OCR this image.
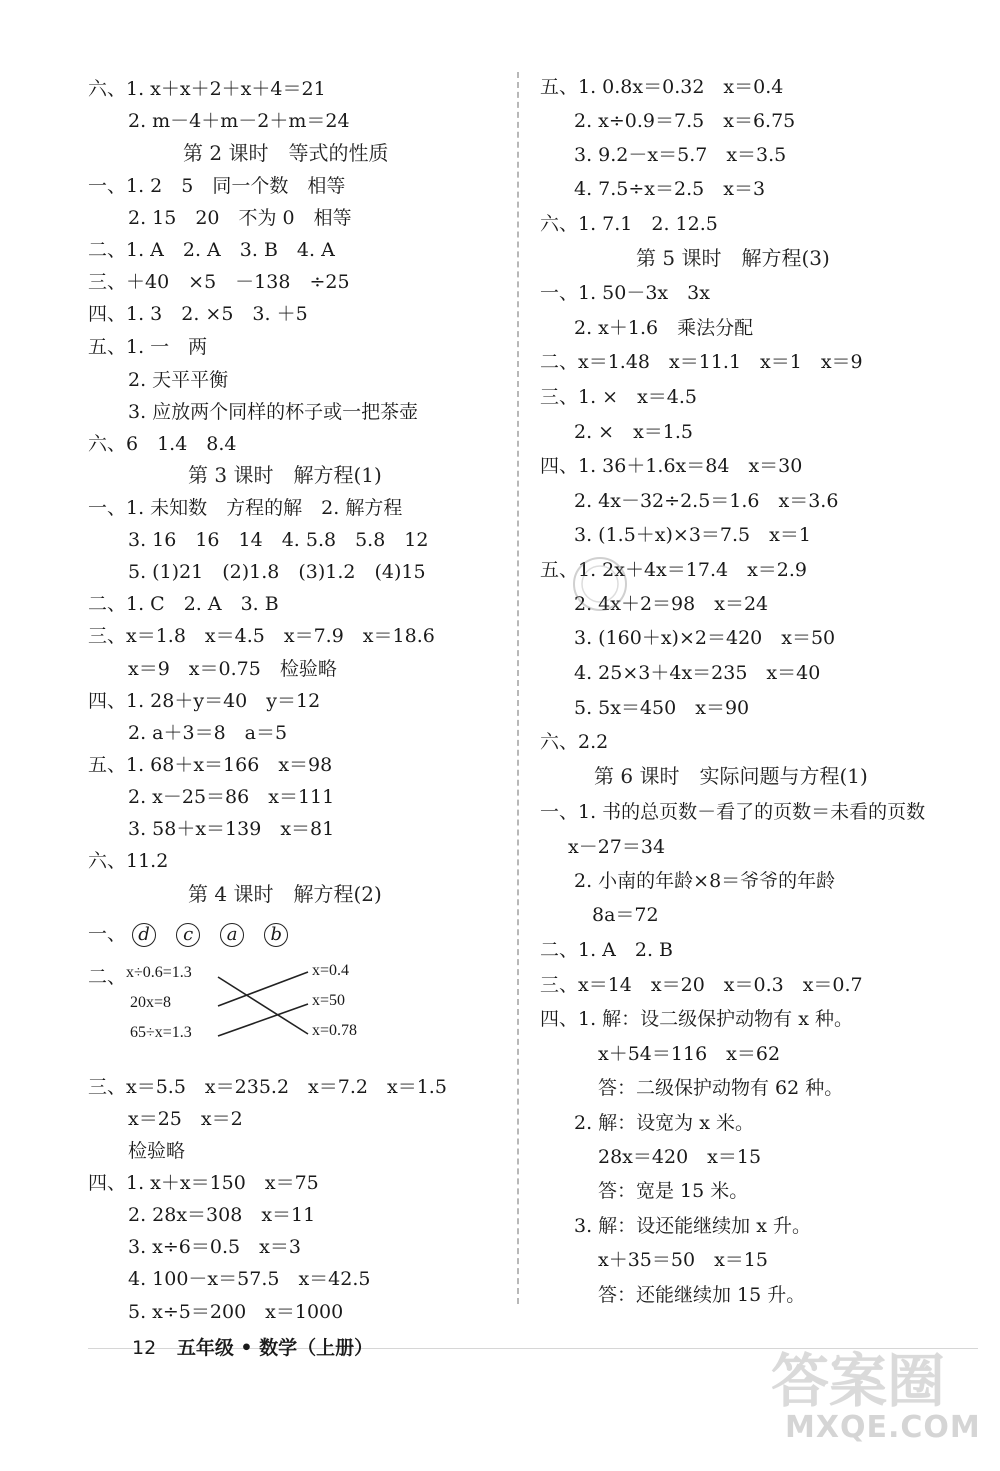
六、1. x＋x＋2＋x＋4＝21
2. m－4＋m－2＋m＝24
第 2 课时　等式的性质
一、1. 2　5　同一个数　相等
2. 15　20　不为 0　相等
二、1. A　2. A　3. B　4. A
三、＋40　×5　－138　÷25
四、1. 3　2. ×5　3. ＋5
五、1. 一　两
2. 天平平衡
3. 应放两个同样的杯子或一把茶壶
六、6　1.4　8.4
第 3 课时　解方程(1)
一、1. 未知数　方程的解　2. 解方程
3. 16　16　14　4. 5.8　5.8　12
5. (1)21　(2)1.8　(3)1.2　(4)15
二、1. C　2. A　3. B
三、x＝1.8　x＝4.5　x＝7.9　x＝18.6
x＝9　x＝0.75　检验略
四、1. 28＋y＝40　y＝12
2. a＋3＝8　a＝5
五、1. 68＋x＝166　x＝98
2. x－25＝86　x＝111
3. 58＋x＝139　x＝81
六、11.2
第 4 课时　解方程(2)
一、 d c a b
二、 x÷0.6=1.3
20x=8
65÷x=1.3
x=0.4
x=50
x=0.78
三、x＝5.5　x＝235.2　x＝7.2　x＝1.5
x＝25　x＝2
检验略
四、1. x＋x＝150　x＝75
2. 28x＝308　x＝11
3. x÷6＝0.5　x＝3
4. 100－x＝57.5　x＝42.5
5. x÷5＝200　x＝1000
五、1. 0.8x＝0.32　x＝0.4
2. x÷0.9＝7.5　x＝6.75
3. 9.2－x＝5.7　x＝3.5
4. 7.5÷x＝2.5　x＝3
六、1. 7.1　2. 12.5
第 5 课时　解方程(3)
一、1. 50－3x　3x
2. x＋1.6　乘法分配
二、x＝1.48　x＝11.1　x＝1　x＝9
三、1. ×　x＝4.5
2. ×　x＝1.5
四、1. 36＋1.6x＝84　x＝30
2. 4x－32÷2.5＝1.6　x＝3.6
3. (1.5＋x)×3＝7.5　x＝1
五、1. 2x＋4x＝17.4　x＝2.9
2. 4x＋2＝98　x＝24
3. (160＋x)×2＝420　x＝50
4. 25×3＋4x＝235　x＝40
5. 5x＝450　x＝90
六、2.2
第 6 课时　实际问题与方程(1)
一、1. 书的总页数－看了的页数＝未看的页数
x－27＝34
2. 小南的年龄×8＝爷爷的年龄
8a＝72
二、1. A　2. B
三、x＝14　x＝20　x＝0.3　x＝0.7
四、1. 解：设二级保护动物有 x 种。
x＋54＝116　x＝62
答：二级保护动物有 62 种。
2. 解：设宽为 x 米。
28x＝420　x＝15
答：宽是 15 米。
3. 解：设还能继续加 x 升。
x＋35＝50　x＝15
答：还能继续加 15 升。
12 五年级 • 数学（上册）	答案圈
MXQE.COM
